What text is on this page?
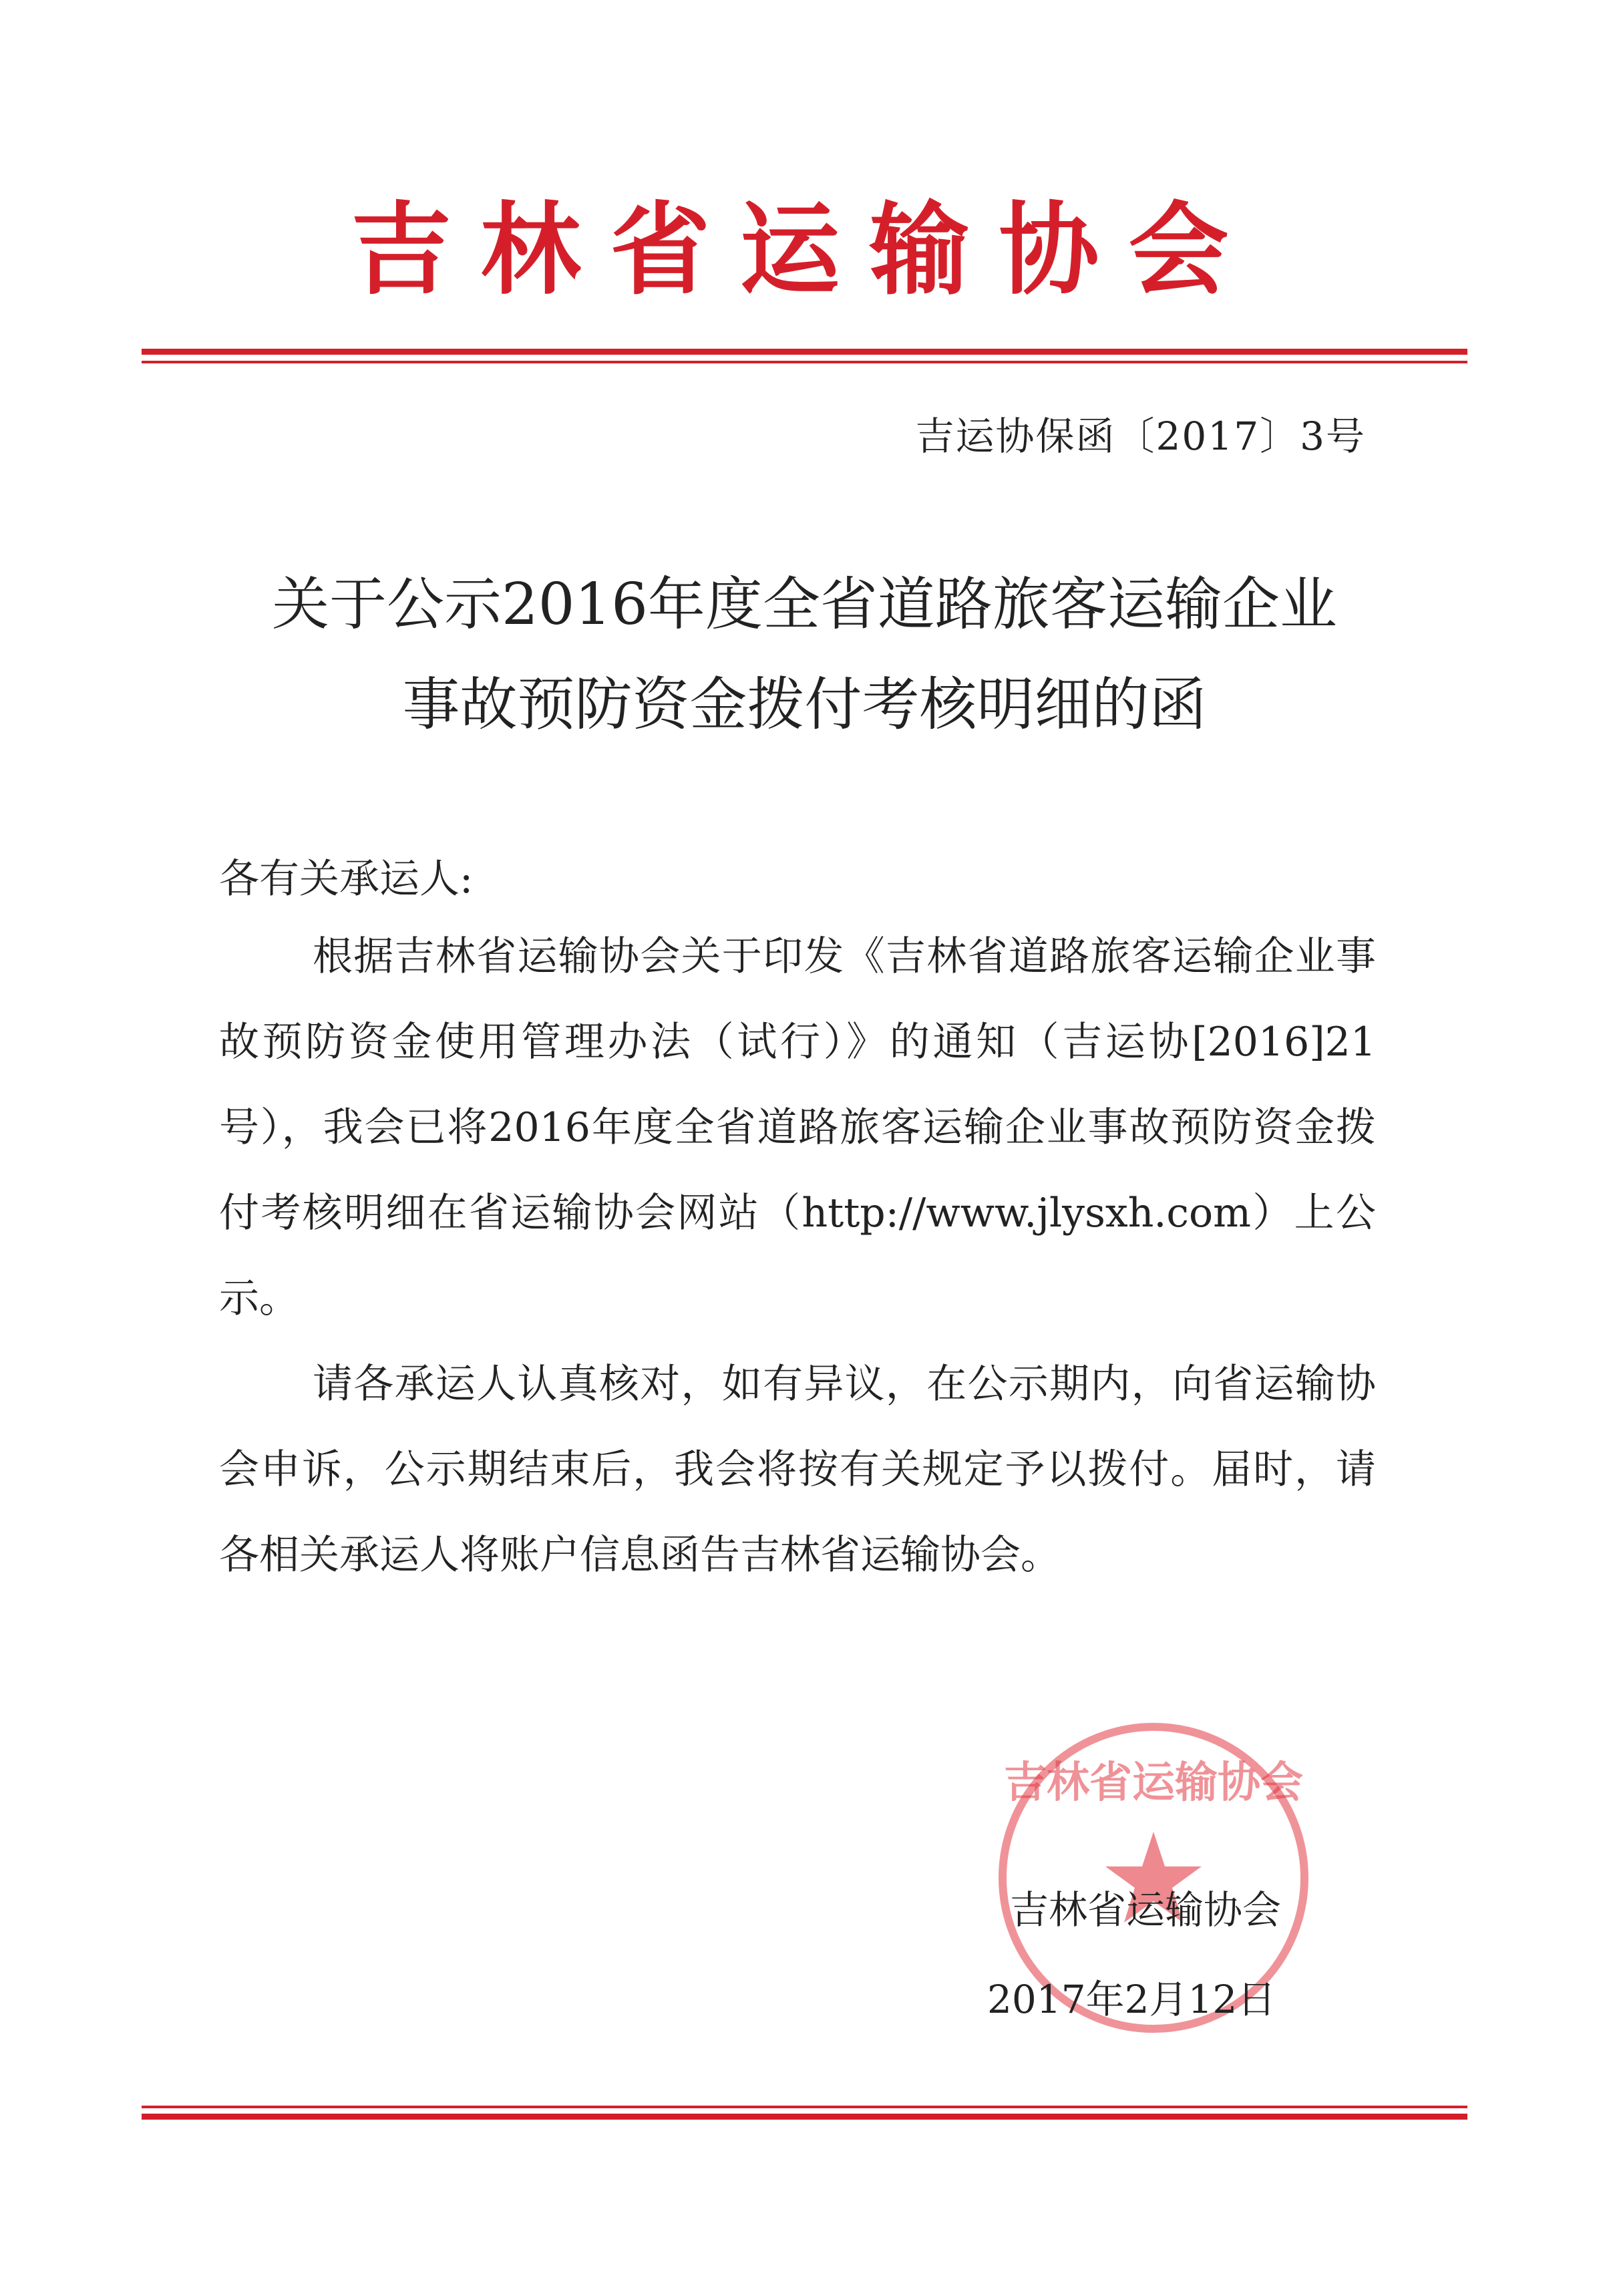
吉林省运输协会
吉运协保函〔2017〕3号
关于公示2016年度全省道路旅客运输企业
事故预防资金拨付考核明细的函
各有关承运人:

根据吉林省运输协会关于印发《吉林省道路旅客运输企业事故预防资金使用管理办法（试行）》的通知（吉运协[2016]21号），我会已将2016年度全省道路旅客运输企业事故预防资金拨付考核明细在省运输协会网站（http://www.jlysxh.com）上公示。

请各承运人认真核对，如有异议，在公示期内，向省运输协会申诉，公示期结束后，我会将按有关规定予以拨付。届时，请各相关承运人将账户信息函告吉林省运输协会。

吉林省运输协会
吉林省运输协会
2017年2月12日
